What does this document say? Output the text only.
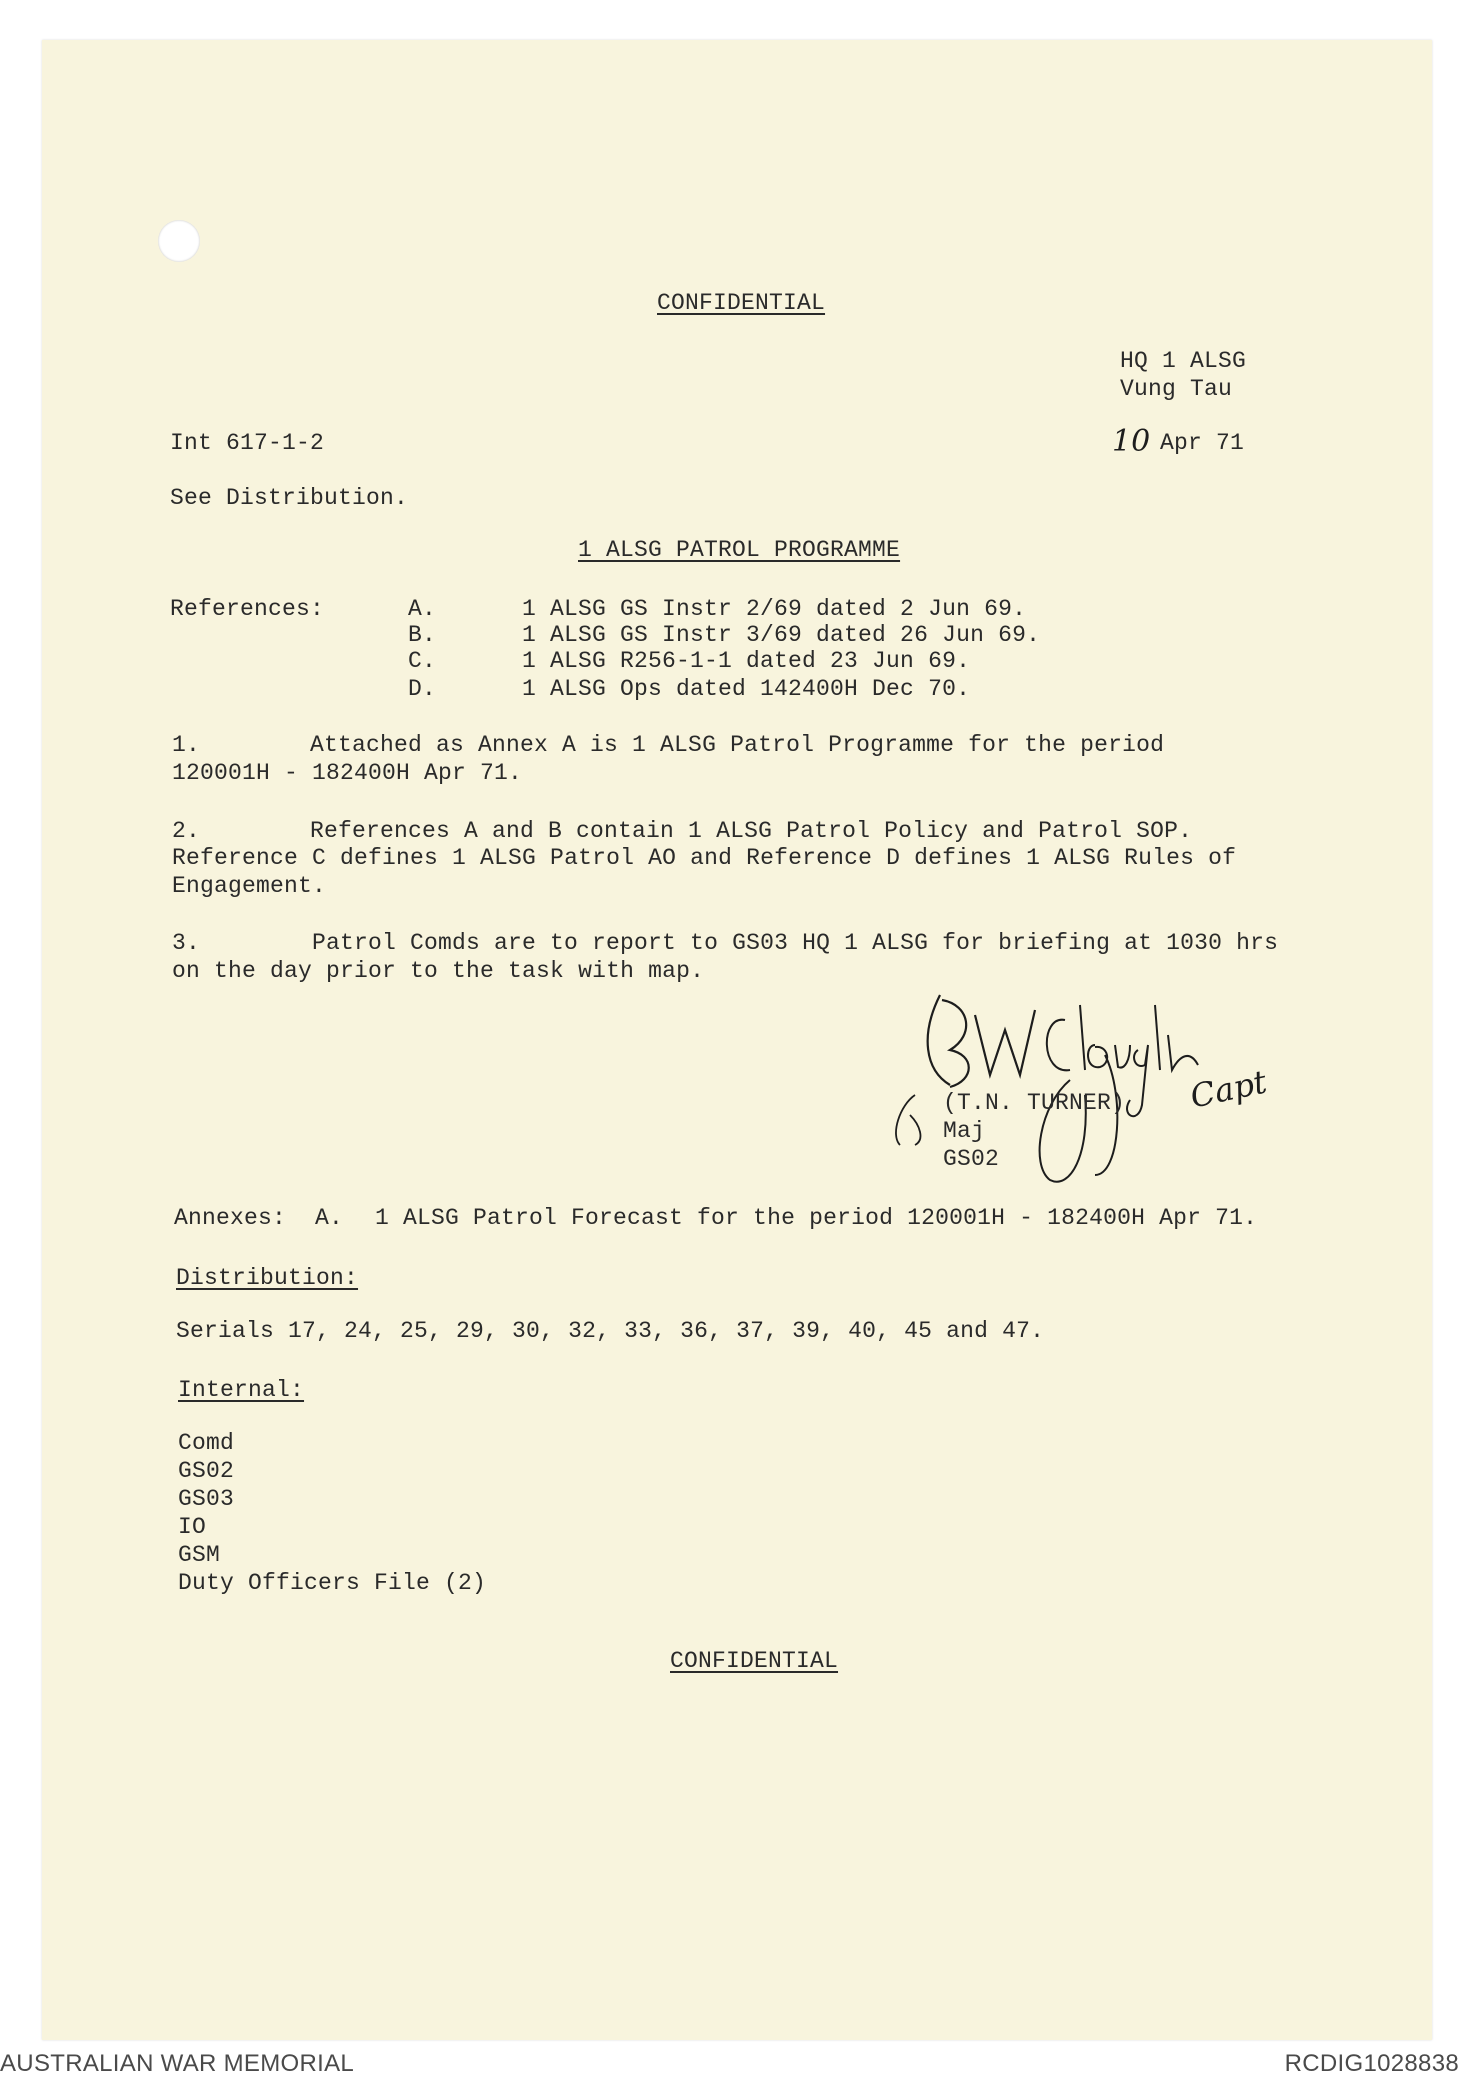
CONFIDENTIAL
HQ 1 ALSG
Vung Tau
Int 617-1-2	10 Apr 71
See Distribution.
1 ALSG PATROL PROGRAMME
References:	A.	1 ALSG GS Instr 2/69 dated 2 Jun 69.
B.	1 ALSG GS Instr 3/69 dated 26 Jun 69.
C.	1 ALSG R256-1-1 dated 23 Jun 69.
D.	1 ALSG Ops dated 142400H Dec 70.
1.	Attached as Annex A is 1 ALSG Patrol Programme for the period
120001H - 182400H Apr 71.
2.	References A and B contain 1 ALSG Patrol Policy and Patrol SOP.
Reference C defines 1 ALSG Patrol AO and Reference D defines 1 ALSG Rules of
Engagement.
3.	Patrol Comds are to report to GS03 HQ 1 ALSG for briefing at 1030 hrs
on the day prior to the task with map.
Capt
(T.N. TURNER)
Maj
GS02
Annexes: A. 1 ALSG Patrol Forecast for the period 120001H - 182400H Apr 71.
Distribution:
Serials 17, 24, 25, 29, 30, 32, 33, 36, 37, 39, 40, 45 and 47.
Internal:
Comd
GS02
GS03
IO
GSM
Duty Officers File (2)
CONFIDENTIAL
AUSTRALIAN WAR MEMORIAL	RCDIG1028838
